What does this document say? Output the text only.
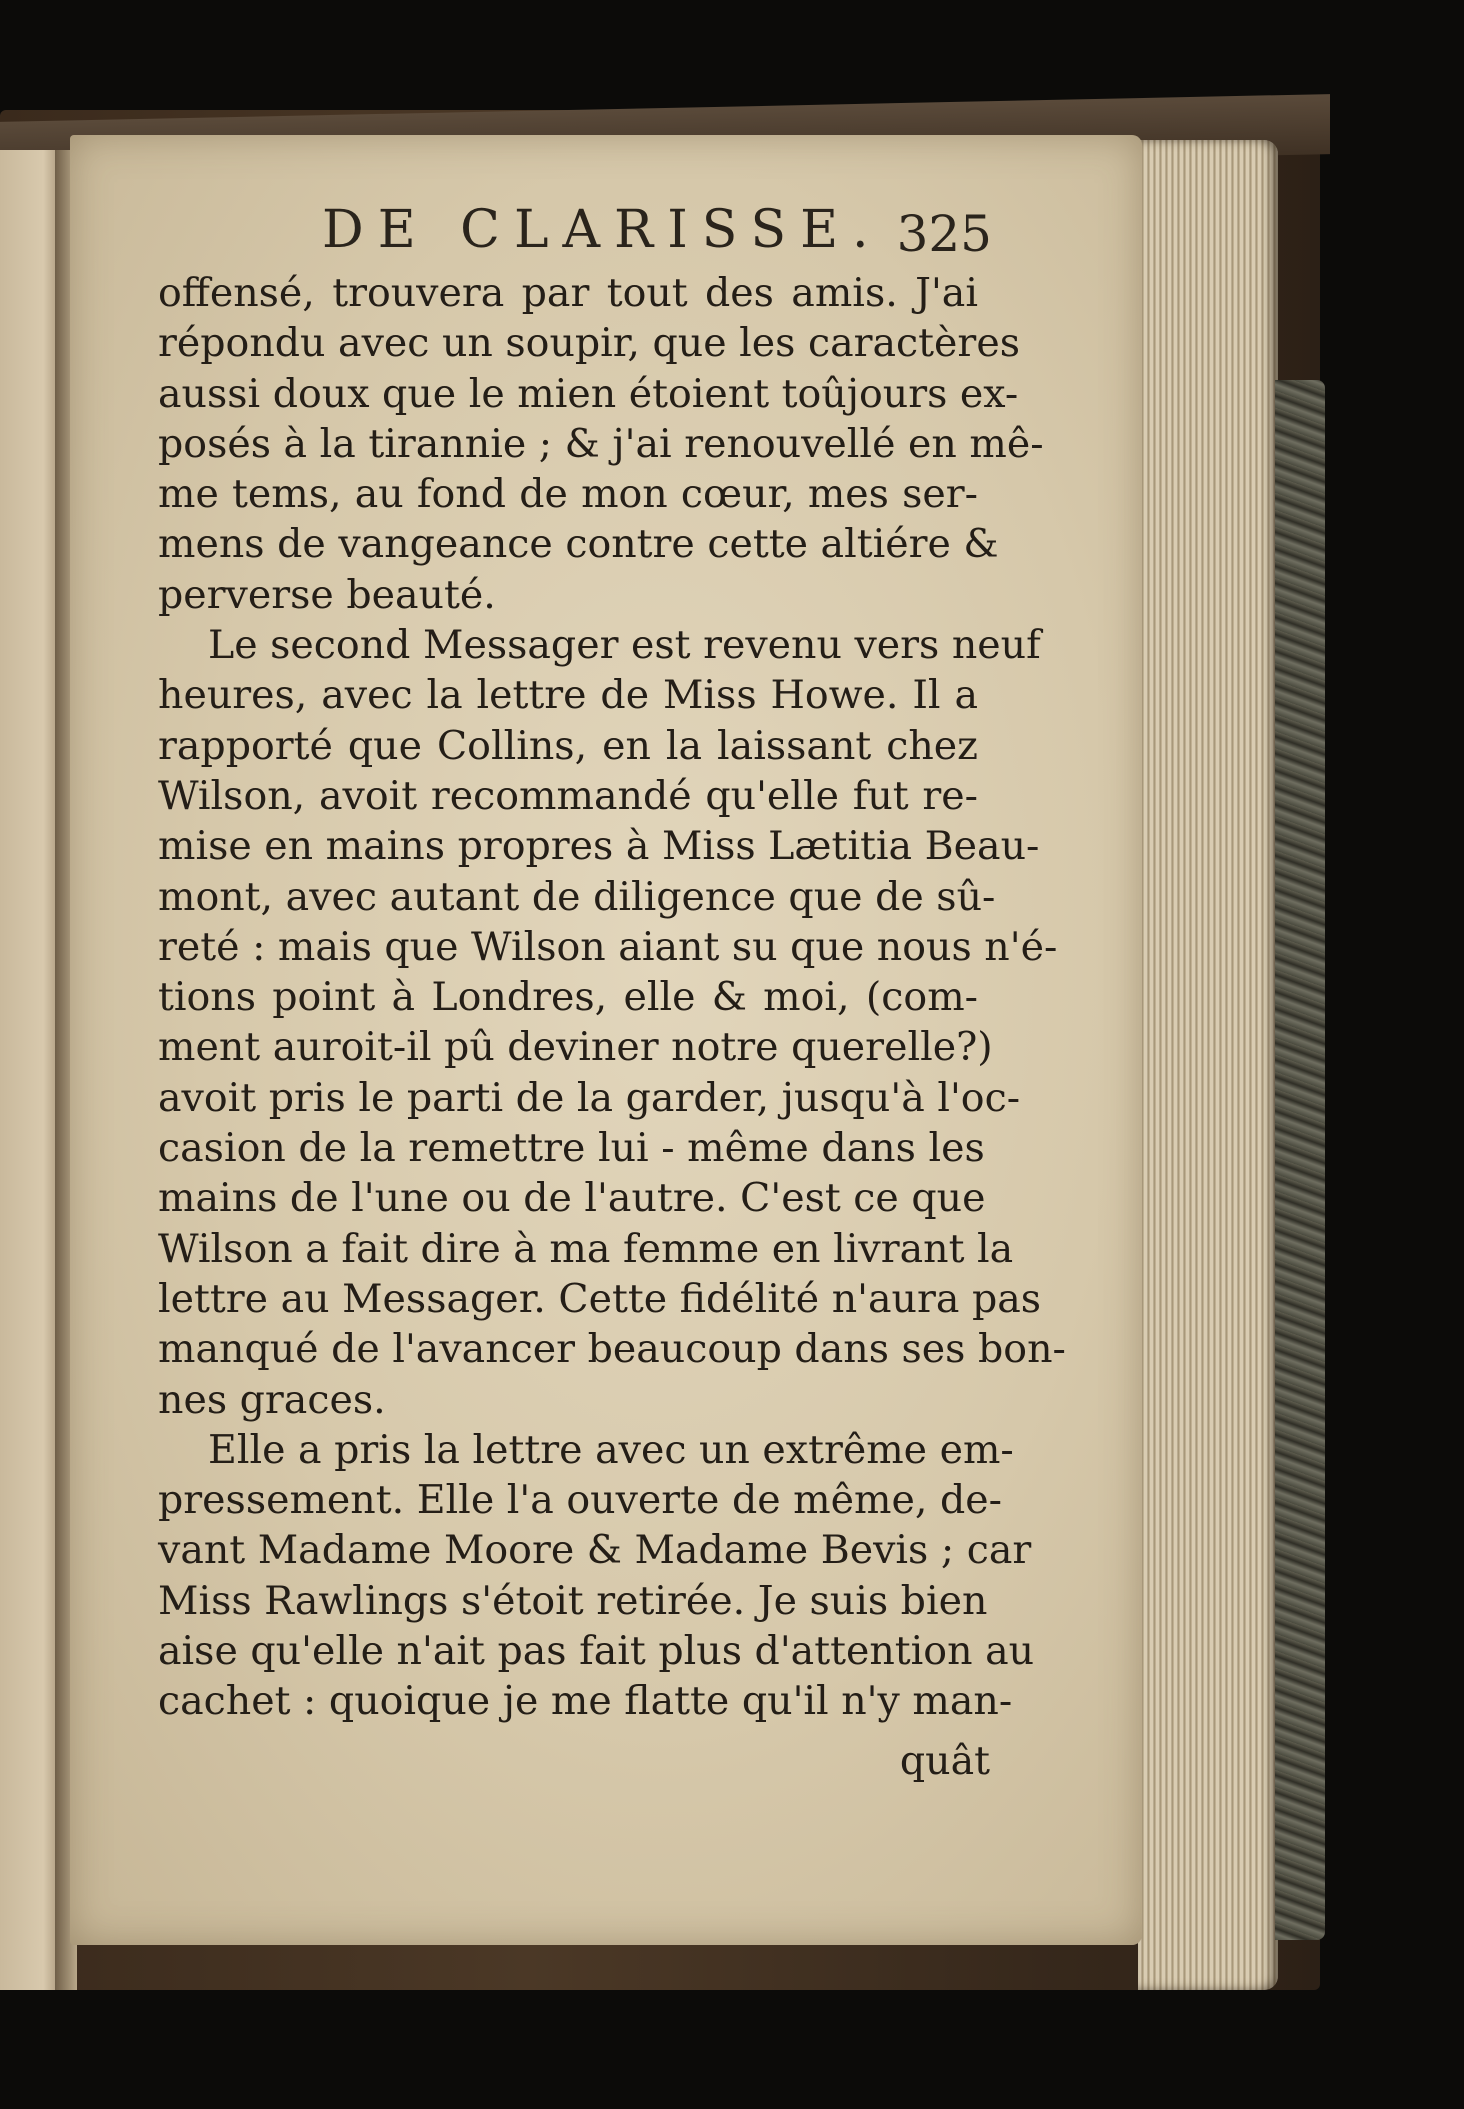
DE CLARISSE. 325
offensé, trouvera par tout des amis. J'ai
répondu avec un soupir, que les caractères
aussi doux que le mien étoient toûjours ex-
posés à la tirannie ; & j'ai renouvellé en mê-
me tems, au fond de mon cœur, mes ser-
mens de vangeance contre cette altiére &
perverse beauté.
Le second Messager est revenu vers neuf
heures, avec la lettre de Miss Howe. Il a
rapporté que Collins, en la laissant chez
Wilson, avoit recommandé qu'elle fut re-
mise en mains propres à Miss Lætitia Beau-
mont, avec autant de diligence que de sû-
reté : mais que Wilson aiant su que nous n'é-
tions point à Londres, elle & moi, (com-
ment auroit-il pû deviner notre querelle?)
avoit pris le parti de la garder, jusqu'à l'oc-
casion de la remettre lui - même dans les
mains de l'une ou de l'autre. C'est ce que
Wilson a fait dire à ma femme en livrant la
lettre au Messager. Cette fidélité n'aura pas
manqué de l'avancer beaucoup dans ses bon-
nes graces.
Elle a pris la lettre avec un extrême em-
pressement. Elle l'a ouverte de même, de-
vant Madame Moore & Madame Bevis ; car
Miss Rawlings s'étoit retirée. Je suis bien
aise qu'elle n'ait pas fait plus d'attention au
cachet : quoique je me flatte qu'il n'y man-
quât
